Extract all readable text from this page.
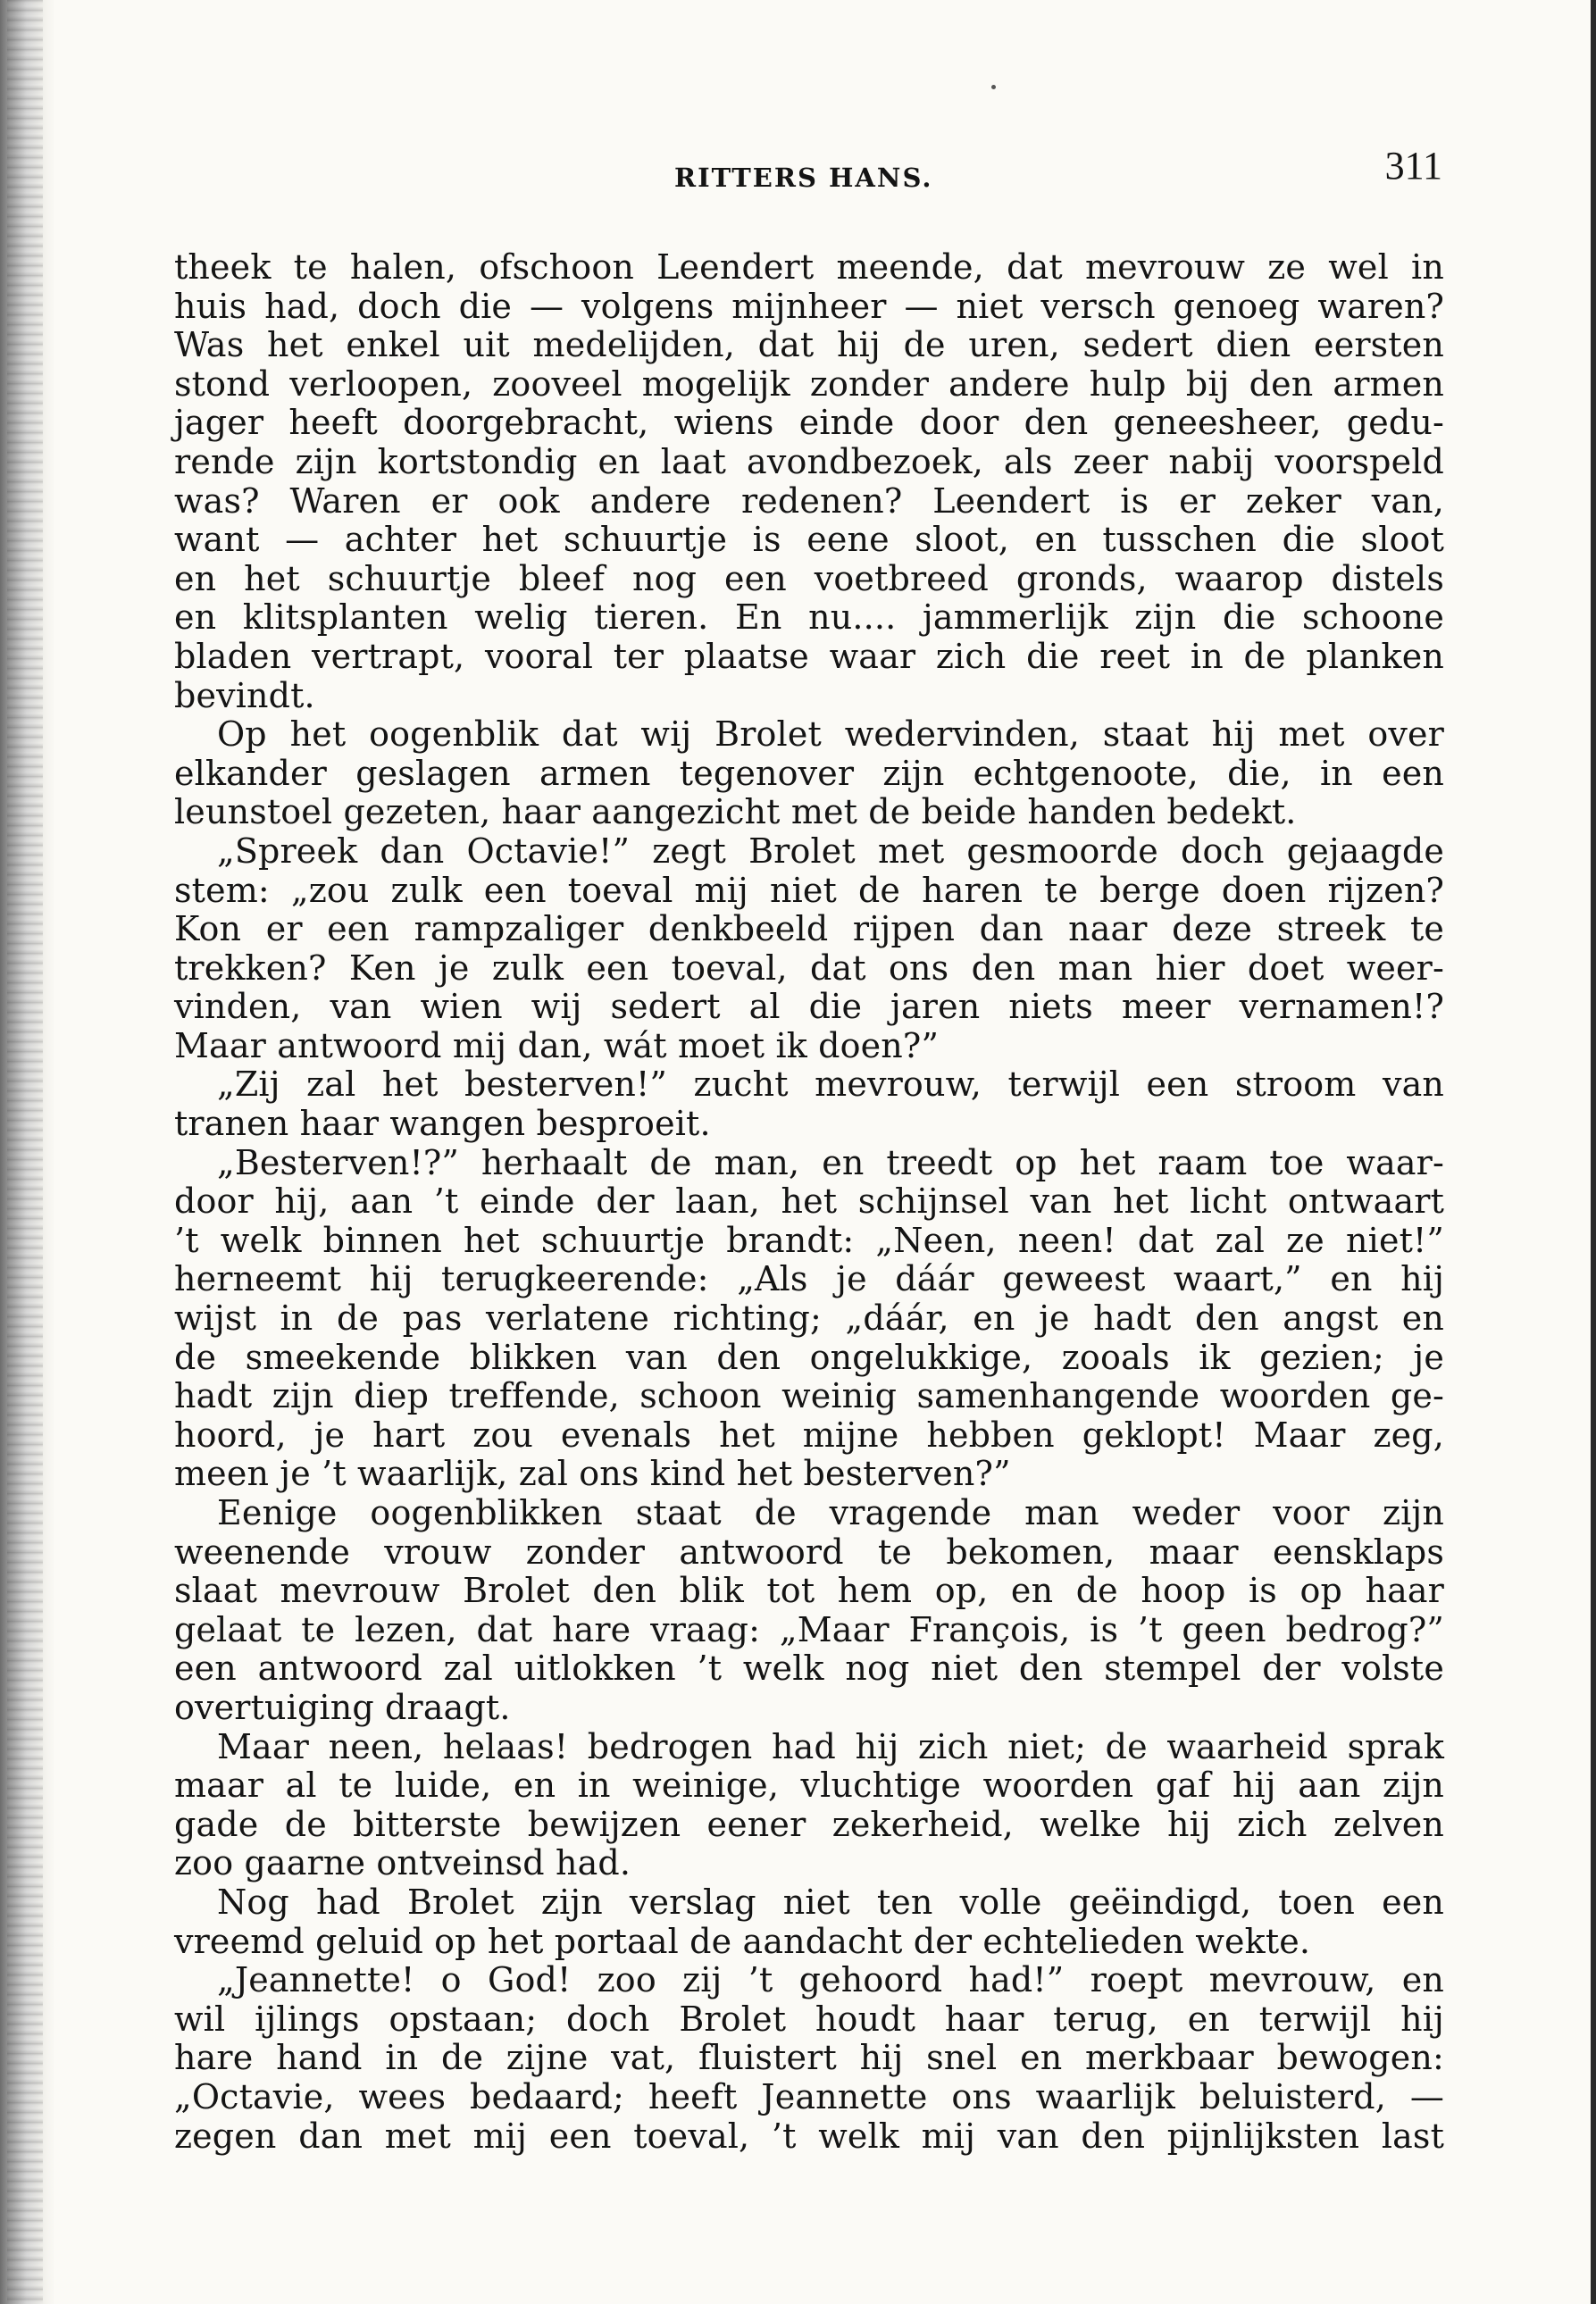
RITTERS HANS.	311
theek te halen, ofschoon Leendert meende, dat mevrouw ze wel in
huis had, doch die — volgens mijnheer — niet versch genoeg waren?
Was het enkel uit medelijden, dat hij de uren, sedert dien eersten
stond verloopen, zooveel mogelijk zonder andere hulp bij den armen
jager heeft doorgebracht, wiens einde door den geneesheer, gedu-
rende zijn kortstondig en laat avondbezoek, als zeer nabij voorspeld
was? Waren er ook andere redenen? Leendert is er zeker van,
want — achter het schuurtje is eene sloot, en tusschen die sloot
en het schuurtje bleef nog een voetbreed gronds, waarop distels
en klitsplanten welig tieren. En nu.... jammerlijk zijn die schoone
bladen vertrapt, vooral ter plaatse waar zich die reet in de planken
bevindt.
Op het oogenblik dat wij Brolet wedervinden, staat hij met over
elkander geslagen armen tegenover zijn echtgenoote, die, in een
leunstoel gezeten, haar aangezicht met de beide handen bedekt.
„Spreek dan Octavie!” zegt Brolet met gesmoorde doch gejaagde
stem: „zou zulk een toeval mij niet de haren te berge doen rijzen?
Kon er een rampzaliger denkbeeld rijpen dan naar deze streek te
trekken? Ken je zulk een toeval, dat ons den man hier doet weer-
vinden, van wien wij sedert al die jaren niets meer vernamen!?
Maar antwoord mij dan, wát moet ik doen?”
„Zij zal het besterven!” zucht mevrouw, terwijl een stroom van
tranen haar wangen besproeit.
„Besterven!?” herhaalt de man, en treedt op het raam toe waar-
door hij, aan ’t einde der laan, het schijnsel van het licht ontwaart
’t welk binnen het schuurtje brandt: „Neen, neen! dat zal ze niet!”
herneemt hij terugkeerende: „Als je dáár geweest waart,” en hij
wijst in de pas verlatene richting; „dáár, en je hadt den angst en
de smeekende blikken van den ongelukkige, zooals ik gezien; je
hadt zijn diep treffende, schoon weinig samenhangende woorden ge-
hoord, je hart zou evenals het mijne hebben geklopt! Maar zeg,
meen je ’t waarlijk, zal ons kind het besterven?”
Eenige oogenblikken staat de vragende man weder voor zijn
weenende vrouw zonder antwoord te bekomen, maar eensklaps
slaat mevrouw Brolet den blik tot hem op, en de hoop is op haar
gelaat te lezen, dat hare vraag: „Maar François, is ’t geen bedrog?”
een antwoord zal uitlokken ’t welk nog niet den stempel der volste
overtuiging draagt.
Maar neen, helaas! bedrogen had hij zich niet; de waarheid sprak
maar al te luide, en in weinige, vluchtige woorden gaf hij aan zijn
gade de bitterste bewijzen eener zekerheid, welke hij zich zelven
zoo gaarne ontveinsd had.
Nog had Brolet zijn verslag niet ten volle geëindigd, toen een
vreemd geluid op het portaal de aandacht der echtelieden wekte.
„Jeannette! o God! zoo zij ’t gehoord had!” roept mevrouw, en
wil ijlings opstaan; doch Brolet houdt haar terug, en terwijl hij
hare hand in de zijne vat, fluistert hij snel en merkbaar bewogen:
„Octavie, wees bedaard; heeft Jeannette ons waarlijk beluisterd, —
zegen dan met mij een toeval, ’t welk mij van den pijnlijksten last
